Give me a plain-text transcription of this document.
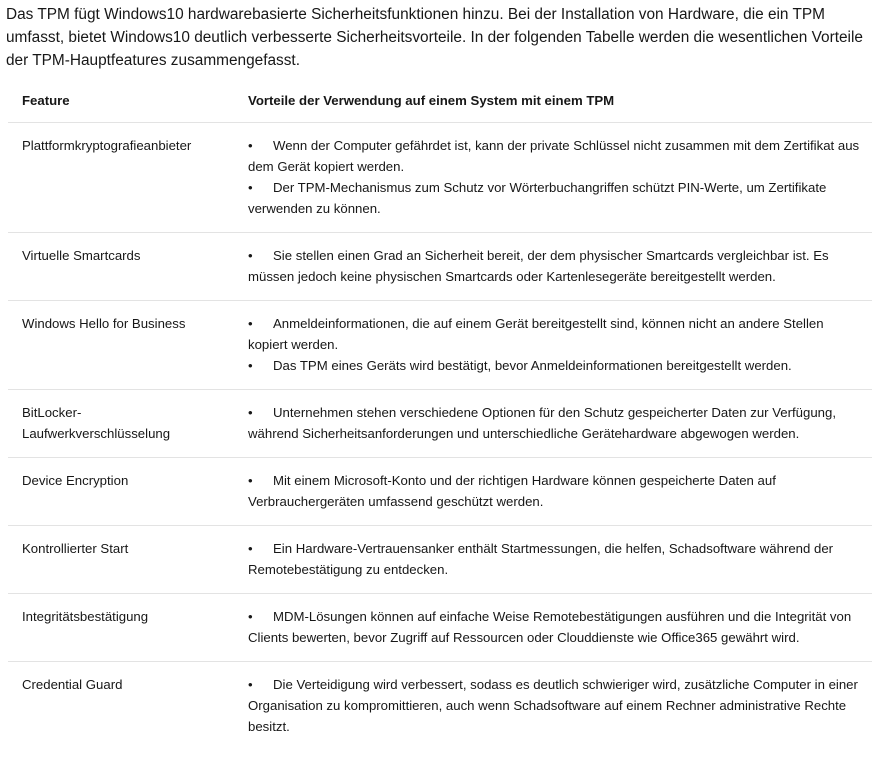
Das TPM fügt Windows10 hardwarebasierte Sicherheitsfunktionen hinzu. Bei der Installation von Hardware, die ein TPM umfasst, bietet Windows10 deutlich verbesserte Sicherheitsvorteile. In der folgenden Tabelle werden die wesentlichen Vorteile der TPM-Hauptfeatures zusammengefasst.

Feature	Vorteile der Verwendung auf einem System mit einem TPM
Plattformkryptografieanbieter	• Wenn der Computer gefährdet ist, kann der private Schlüssel nicht zusammen mit dem Zertifikat aus dem Gerät kopiert werden.
• Der TPM-Mechanismus zum Schutz vor Wörterbuchangriffen schützt PIN-Werte, um Zertifikate verwenden zu können.

Virtuelle Smartcards	• Sie stellen einen Grad an Sicherheit bereit, der dem physischer Smartcards vergleichbar ist. Es müssen jedoch keine physischen Smartcards oder Kartenlesegeräte bereitgestellt werden.

Windows Hello for Business	• Anmeldeinformationen, die auf einem Gerät bereitgestellt sind, können nicht an andere Stellen kopiert werden.
• Das TPM eines Geräts wird bestätigt, bevor Anmeldeinformationen bereitgestellt werden.

BitLocker-Laufwerkverschlüsselung	• Unternehmen stehen verschiedene Optionen für den Schutz gespeicherter Daten zur Verfügung, während Sicherheitsanforderungen und unterschiedliche Gerätehardware abgewogen werden.

Device Encryption	• Mit einem Microsoft-Konto und der richtigen Hardware können gespeicherte Daten auf Verbrauchergeräten umfassend geschützt werden.

Kontrollierter Start	• Ein Hardware-Vertrauensanker enthält Startmessungen, die helfen, Schadsoftware während der Remotebestätigung zu entdecken.

Integritätsbestätigung	• MDM-Lösungen können auf einfache Weise Remotebestätigungen ausführen und die Integrität von Clients bewerten, bevor Zugriff auf Ressourcen oder Clouddienste wie Office365 gewährt wird.

Credential Guard	• Die Verteidigung wird verbessert, sodass es deutlich schwieriger wird, zusätzliche Computer in einer Organisation zu kompromittieren, auch wenn Schadsoftware auf einem Rechner administrative Rechte besitzt.
